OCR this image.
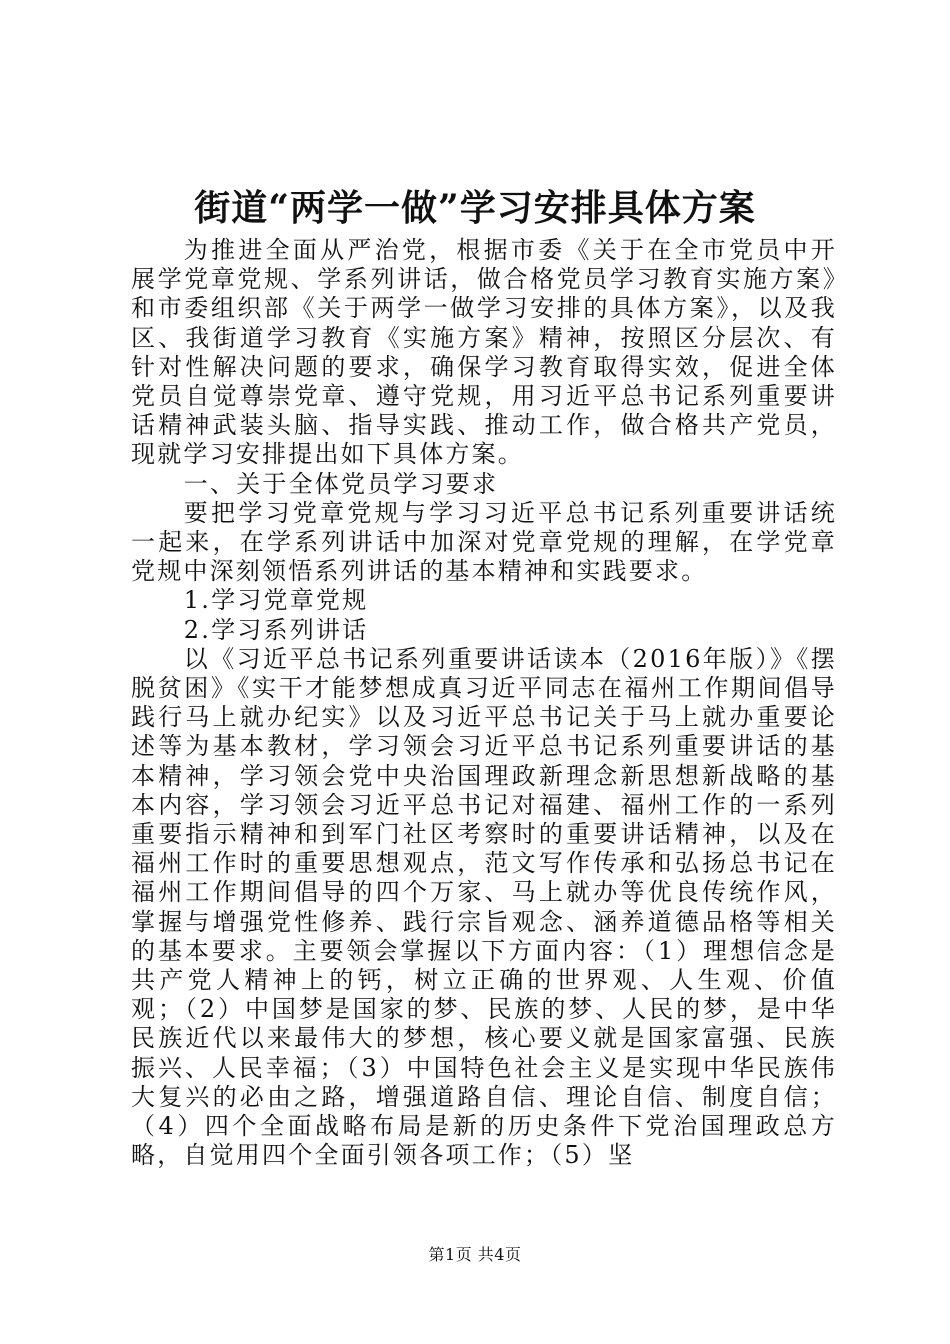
街道“两学一做”学习安排具体方案

为推进全面从严治党，根据市委《关于在全市党员中开展学党章党规、学系列讲话，做合格党员学习教育实施方案》和市委组织部《关于两学一做学习安排的具体方案》，以及我区、我街道学习教育《实施方案》精神，按照区分层次、有针对性解决问题的要求，确保学习教育取得实效，促进全体党员自觉尊崇党章、遵守党规，用习近平总书记系列重要讲话精神武装头脑、指导实践、推动工作，做合格共产党员，现就学习安排提出如下具体方案。

一、关于全体党员学习要求

要把学习党章党规与学习习近平总书记系列重要讲话统一起来，在学系列讲话中加深对党章党规的理解，在学党章党规中深刻领悟系列讲话的基本精神和实践要求。

1.学习党章党规

2.学习系列讲话

以《习近平总书记系列重要讲话读本（2016年版）》《摆脱贫困》《实干才能梦想成真习近平同志在福州工作期间倡导践行马上就办纪实》以及习近平总书记关于马上就办重要论述等为基本教材，学习领会习近平总书记系列重要讲话的基本精神，学习领会党中央治国理政新理念新思想新战略的基本内容，学习领会习近平总书记对福建、福州工作的一系列重要指示精神和到军门社区考察时的重要讲话精神，以及在福州工作时的重要思想观点，范文写作传承和弘扬总书记在福州工作期间倡导的四个万家、马上就办等优良传统作风，掌握与增强党性修养、践行宗旨观念、涵养道德品格等相关的基本要求。主要领会掌握以下方面内容：（1）理想信念是共产党人精神上的钙，树立正确的世界观、人生观、价值观；（2）中国梦是国家的梦、民族的梦、人民的梦，是中华民族近代以来最伟大的梦想，核心要义就是国家富强、民族振兴、人民幸福；（3）中国特色社会主义是实现中华民族伟大复兴的必由之路，增强道路自信、理论自信、制度自信；（4）四个全面战略布局是新的历史条件下党治国理政总方略，自觉用四个全面引领各项工作；（5）坚

第1页 共4页
